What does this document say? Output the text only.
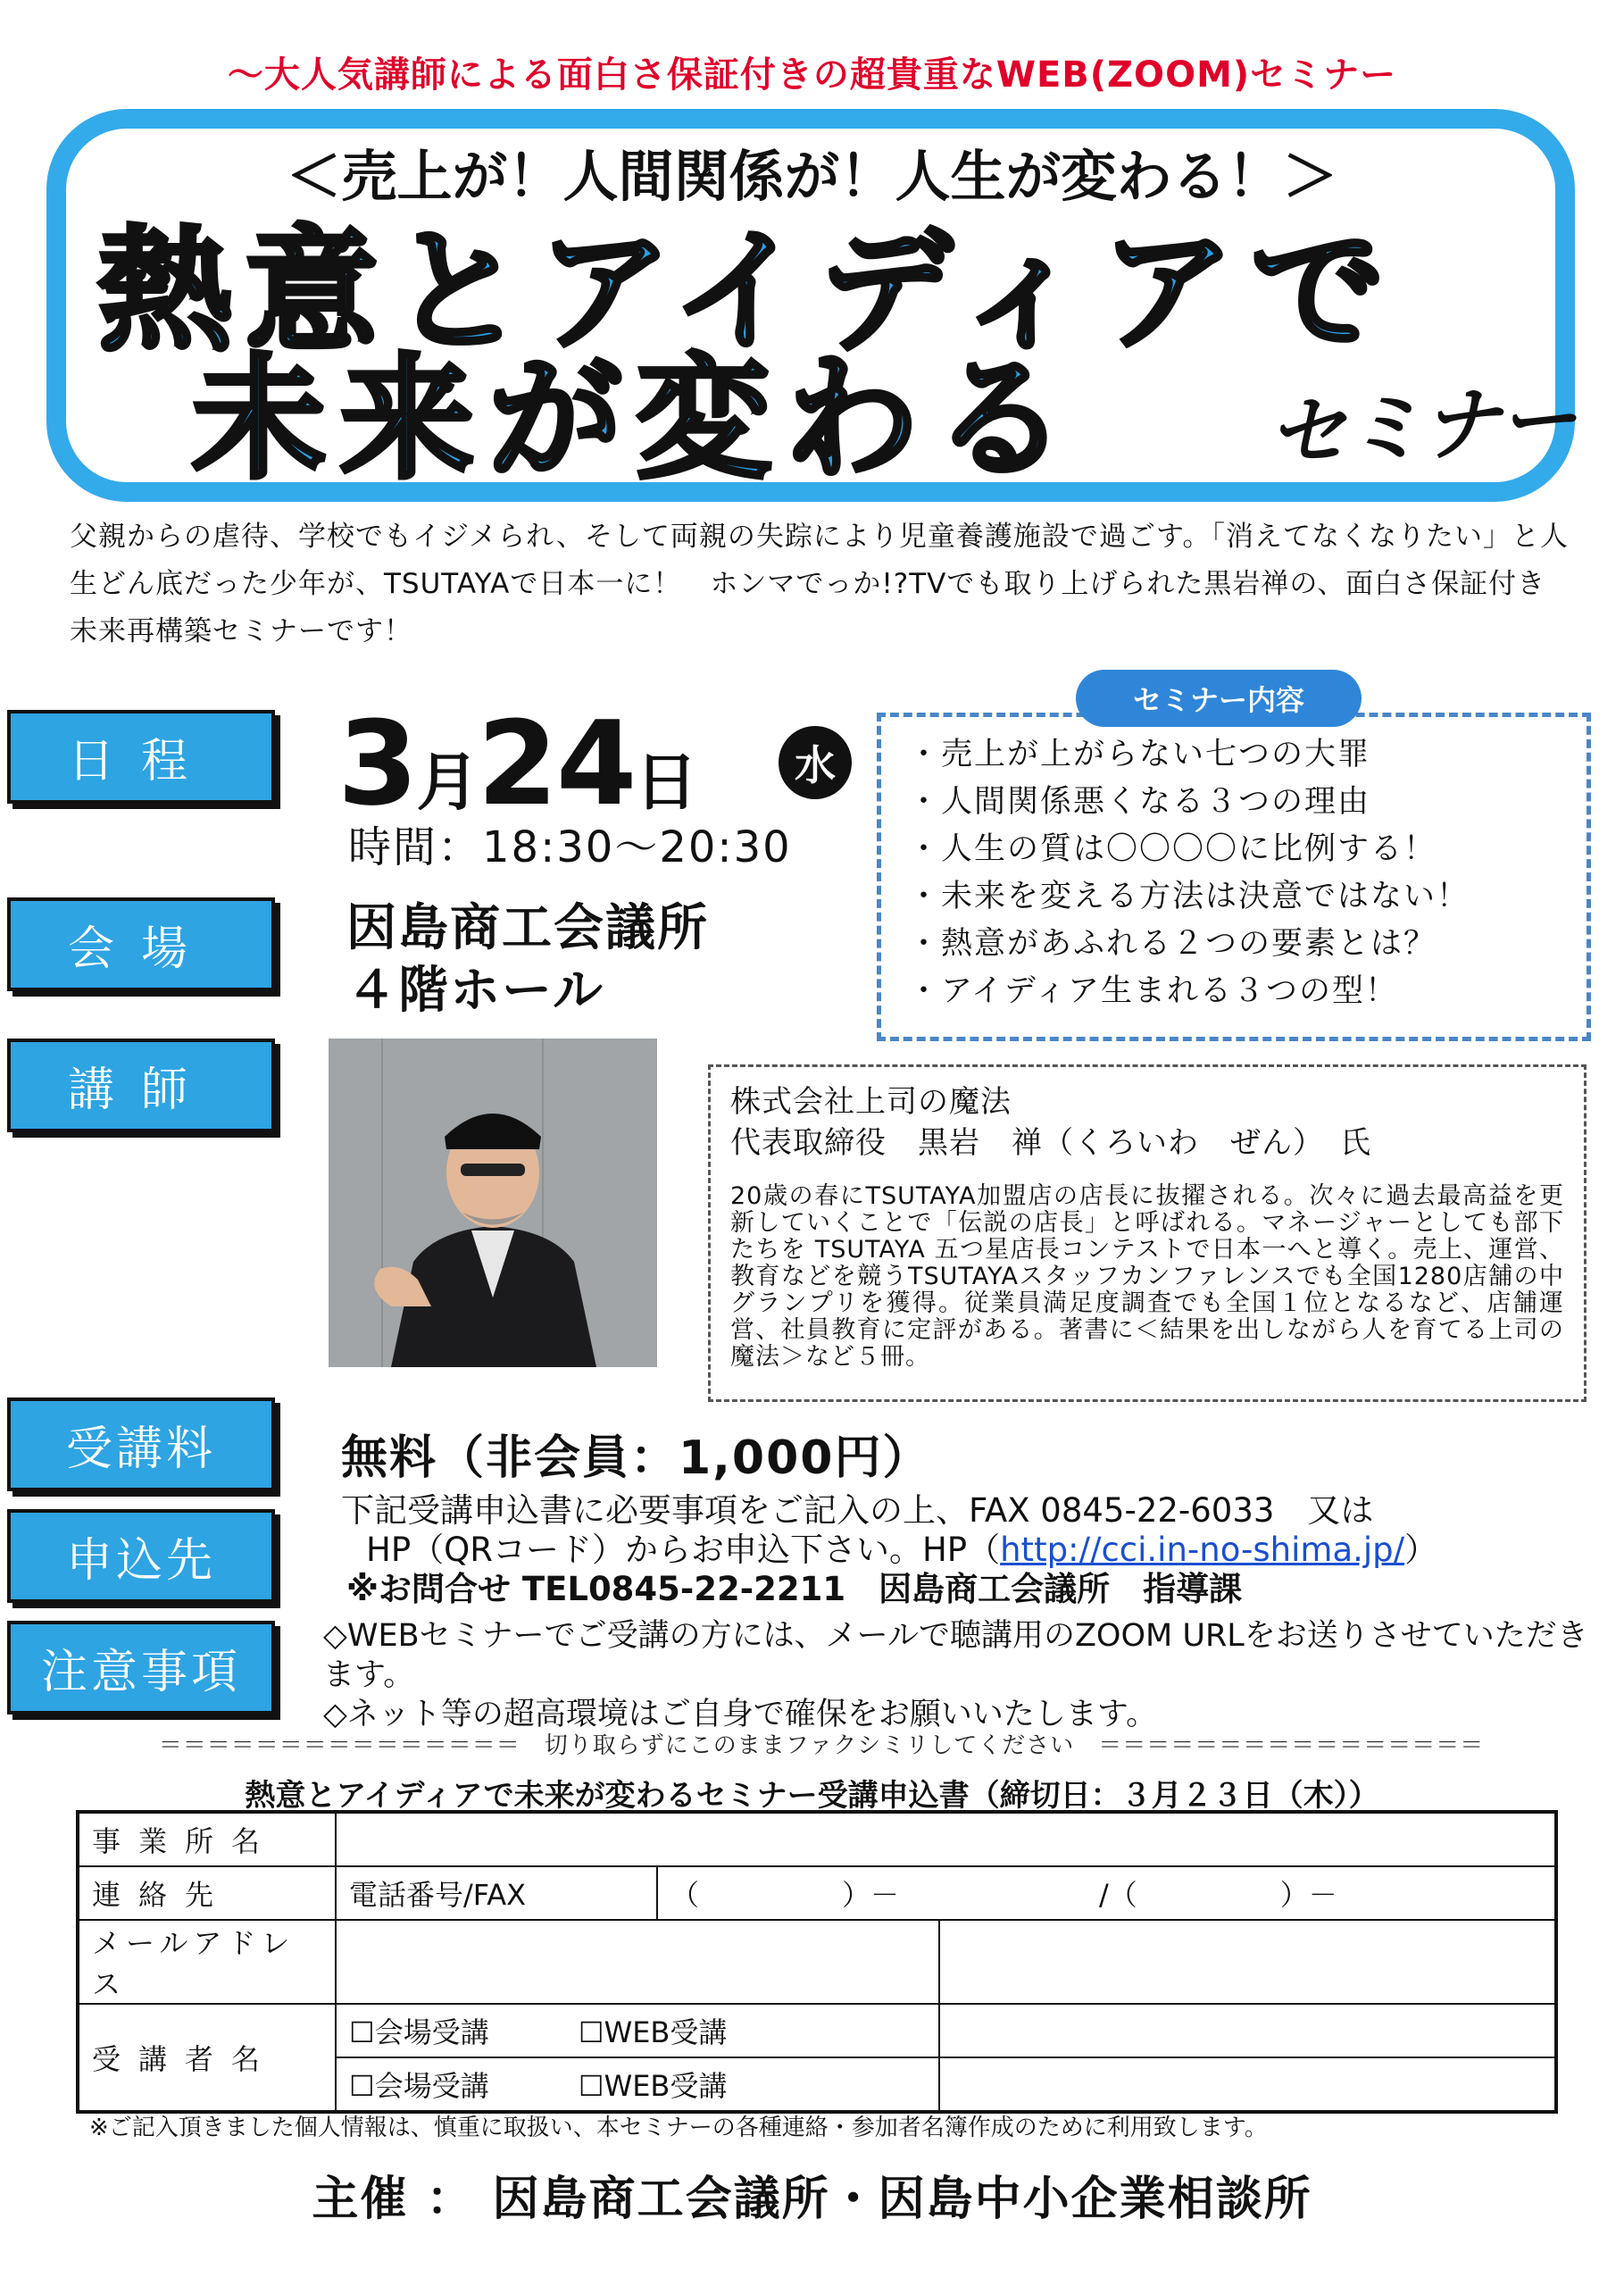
〜大人気講師による面白さ保証付きの超貴重なWEB(ZOOM)セミナー
＜売上が！人間関係が！人生が変わる！＞
熱意とアイディアで
未来が変わる	セミナー
父親からの虐待、学校でもイジメられ、そして両親の失踪により児童養護施設で過ごす。「消えてなくなりたい」と人生どん底だった少年が、TSUTAYAで日本一に！　ホンマでっか!?TVでも取り上げられた黒岩禅の、面白さ保証付き未来再構築セミナーです！
日程	3月24日	水
時間：18:30〜20:30
会場	因島商工会議所
４階ホール
・売上が上がらない七つの大罪
・人間関係悪くなる３つの理由
・人生の質は〇〇〇〇に比例する！
・未来を変える方法は決意ではない！
・熱意があふれる２つの要素とは？
・アイディア生まれる３つの型！
セミナー内容
講師	株式会社上司の魔法
代表取締役　黒岩　禅（くろいわ　ぜん）　氏
20歳の春にTSUTAYA加盟店の店長に抜擢される。次々に過去最高益を更新していくことで「伝説の店長」と呼ばれる。マネージャーとしても部下たちを TSUTAYA 五つ星店長コンテストで日本一へと導く。売上、運営、教育などを競うTSUTAYAスタッフカンファレンスでも全国1280店舗の中グランプリを獲得。従業員満足度調査でも全国１位となるなど、店舗運営、社員教育に定評がある。著書に＜結果を出しながら人を育てる上司の魔法＞など５冊。
受講料	無料（非会員：1,000円）
申込先
下記受講申込書に必要事項をご記入の上、FAX 0845-22-6033　又は
HP（QRコード）からお申込下さい。HP（http://cci.in-no-shima.jp/）
※お問合せ TEL0845-22-2211　因島商工会議所　指導課
注意事項
◇WEBセミナーでご受講の方には、メールで聴講用のZOOM URLをお送りさせていただきます。
◇ネット等の超高環境はご自身で確保をお願いいたします。
＝＝＝＝＝＝＝＝＝＝＝＝＝＝＝　切り取らずにこのままファクシミリしてください　＝＝＝＝＝＝＝＝＝＝＝＝＝＝＝＝
熱意とアイディアで未来が変わるセミナー受講申込書（締切日：３月２３日（木））
事業所名			
連絡先	電話番号/FAX	（　　　　　）－　　　　　　　/（　　　　　）－	
メールアドレス			
受講者名	☐会場受講 ☐WEB受講		
	☐会場受講 ☐WEB受講		
※ご記入頂きました個人情報は、慎重に取扱い、本セミナーの各種連絡・参加者名簿作成のために利用致します。
主催 ： 因島商工会議所・因島中小企業相談所
